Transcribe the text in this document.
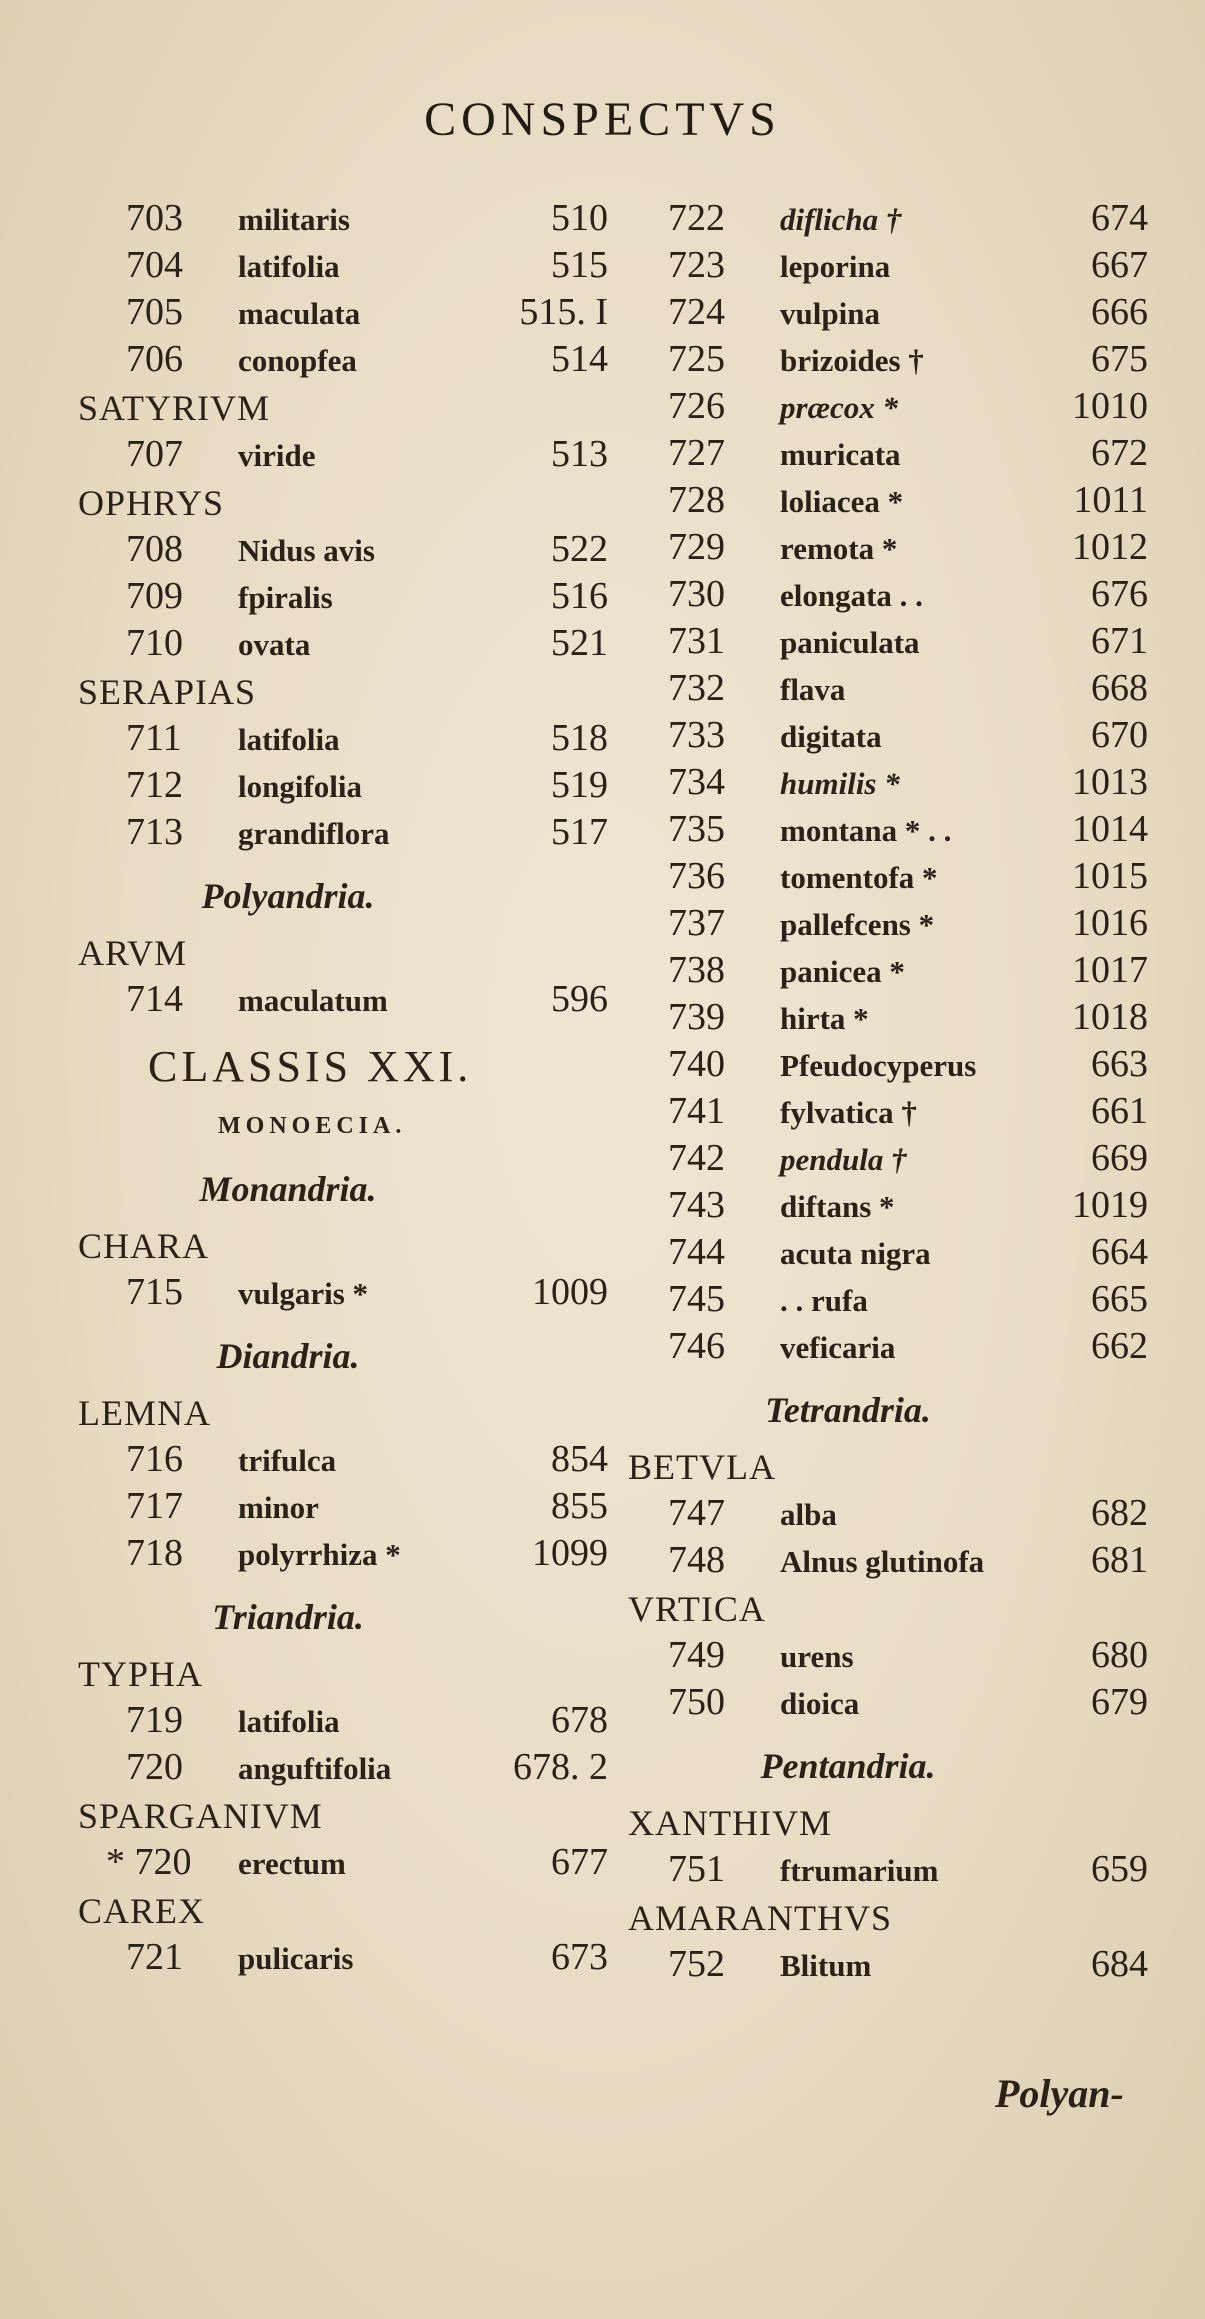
CONSPECTVS
703	militaris	510
704	latifolia	515
705	maculata	515. I
706	conopfea	514
SATYRIVM
707	viride	513
OPHRYS
708	Nidus avis	522
709	fpiralis	516
710	ovata	521
SERAPIAS
711	latifolia	518
712	longifolia	519
713	grandiflora	517
Polyandria.
ARVM
714	maculatum	596
CLASSIS XXI.
MONOECIA.
Monandria.
CHARA
715	vulgaris *	1009
Diandria.
LEMNA
716	trifulca	854
717	minor	855
718	polyrrhiza *	1099
Triandria.
TYPHA
719	latifolia	678
720	anguftifolia	678. 2
SPARGANIVM
* 720	erectum	677
CAREX
721	pulicaris	673
722	diflicha †	674
723	leporina	667
724	vulpina	666
725	brizoides †	675
726	præcox *	1010
727	muricata	672
728	loliacea *	1011
729	remota *	1012
730	elongata . .	676
731	paniculata	671
732	flava	668
733	digitata	670
734	humilis *	1013
735	montana * . .	1014
736	tomentofa *	1015
737	pallefcens *	1016
738	panicea *	1017
739	hirta *	1018
740	Pfeudocyperus	663
741	fylvatica †	661
742	pendula †	669
743	diftans *	1019
744	acuta nigra	664
745	. . rufa	665
746	veficaria	662
Tetrandria.
BETVLA
747	alba	682
748	Alnus glutinofa	681
VRTICA
749	urens	680
750	dioica	679
Pentandria.
XANTHIVM
751	ftrumarium	659
AMARANTHVS
752	Blitum	684
Polyan-
